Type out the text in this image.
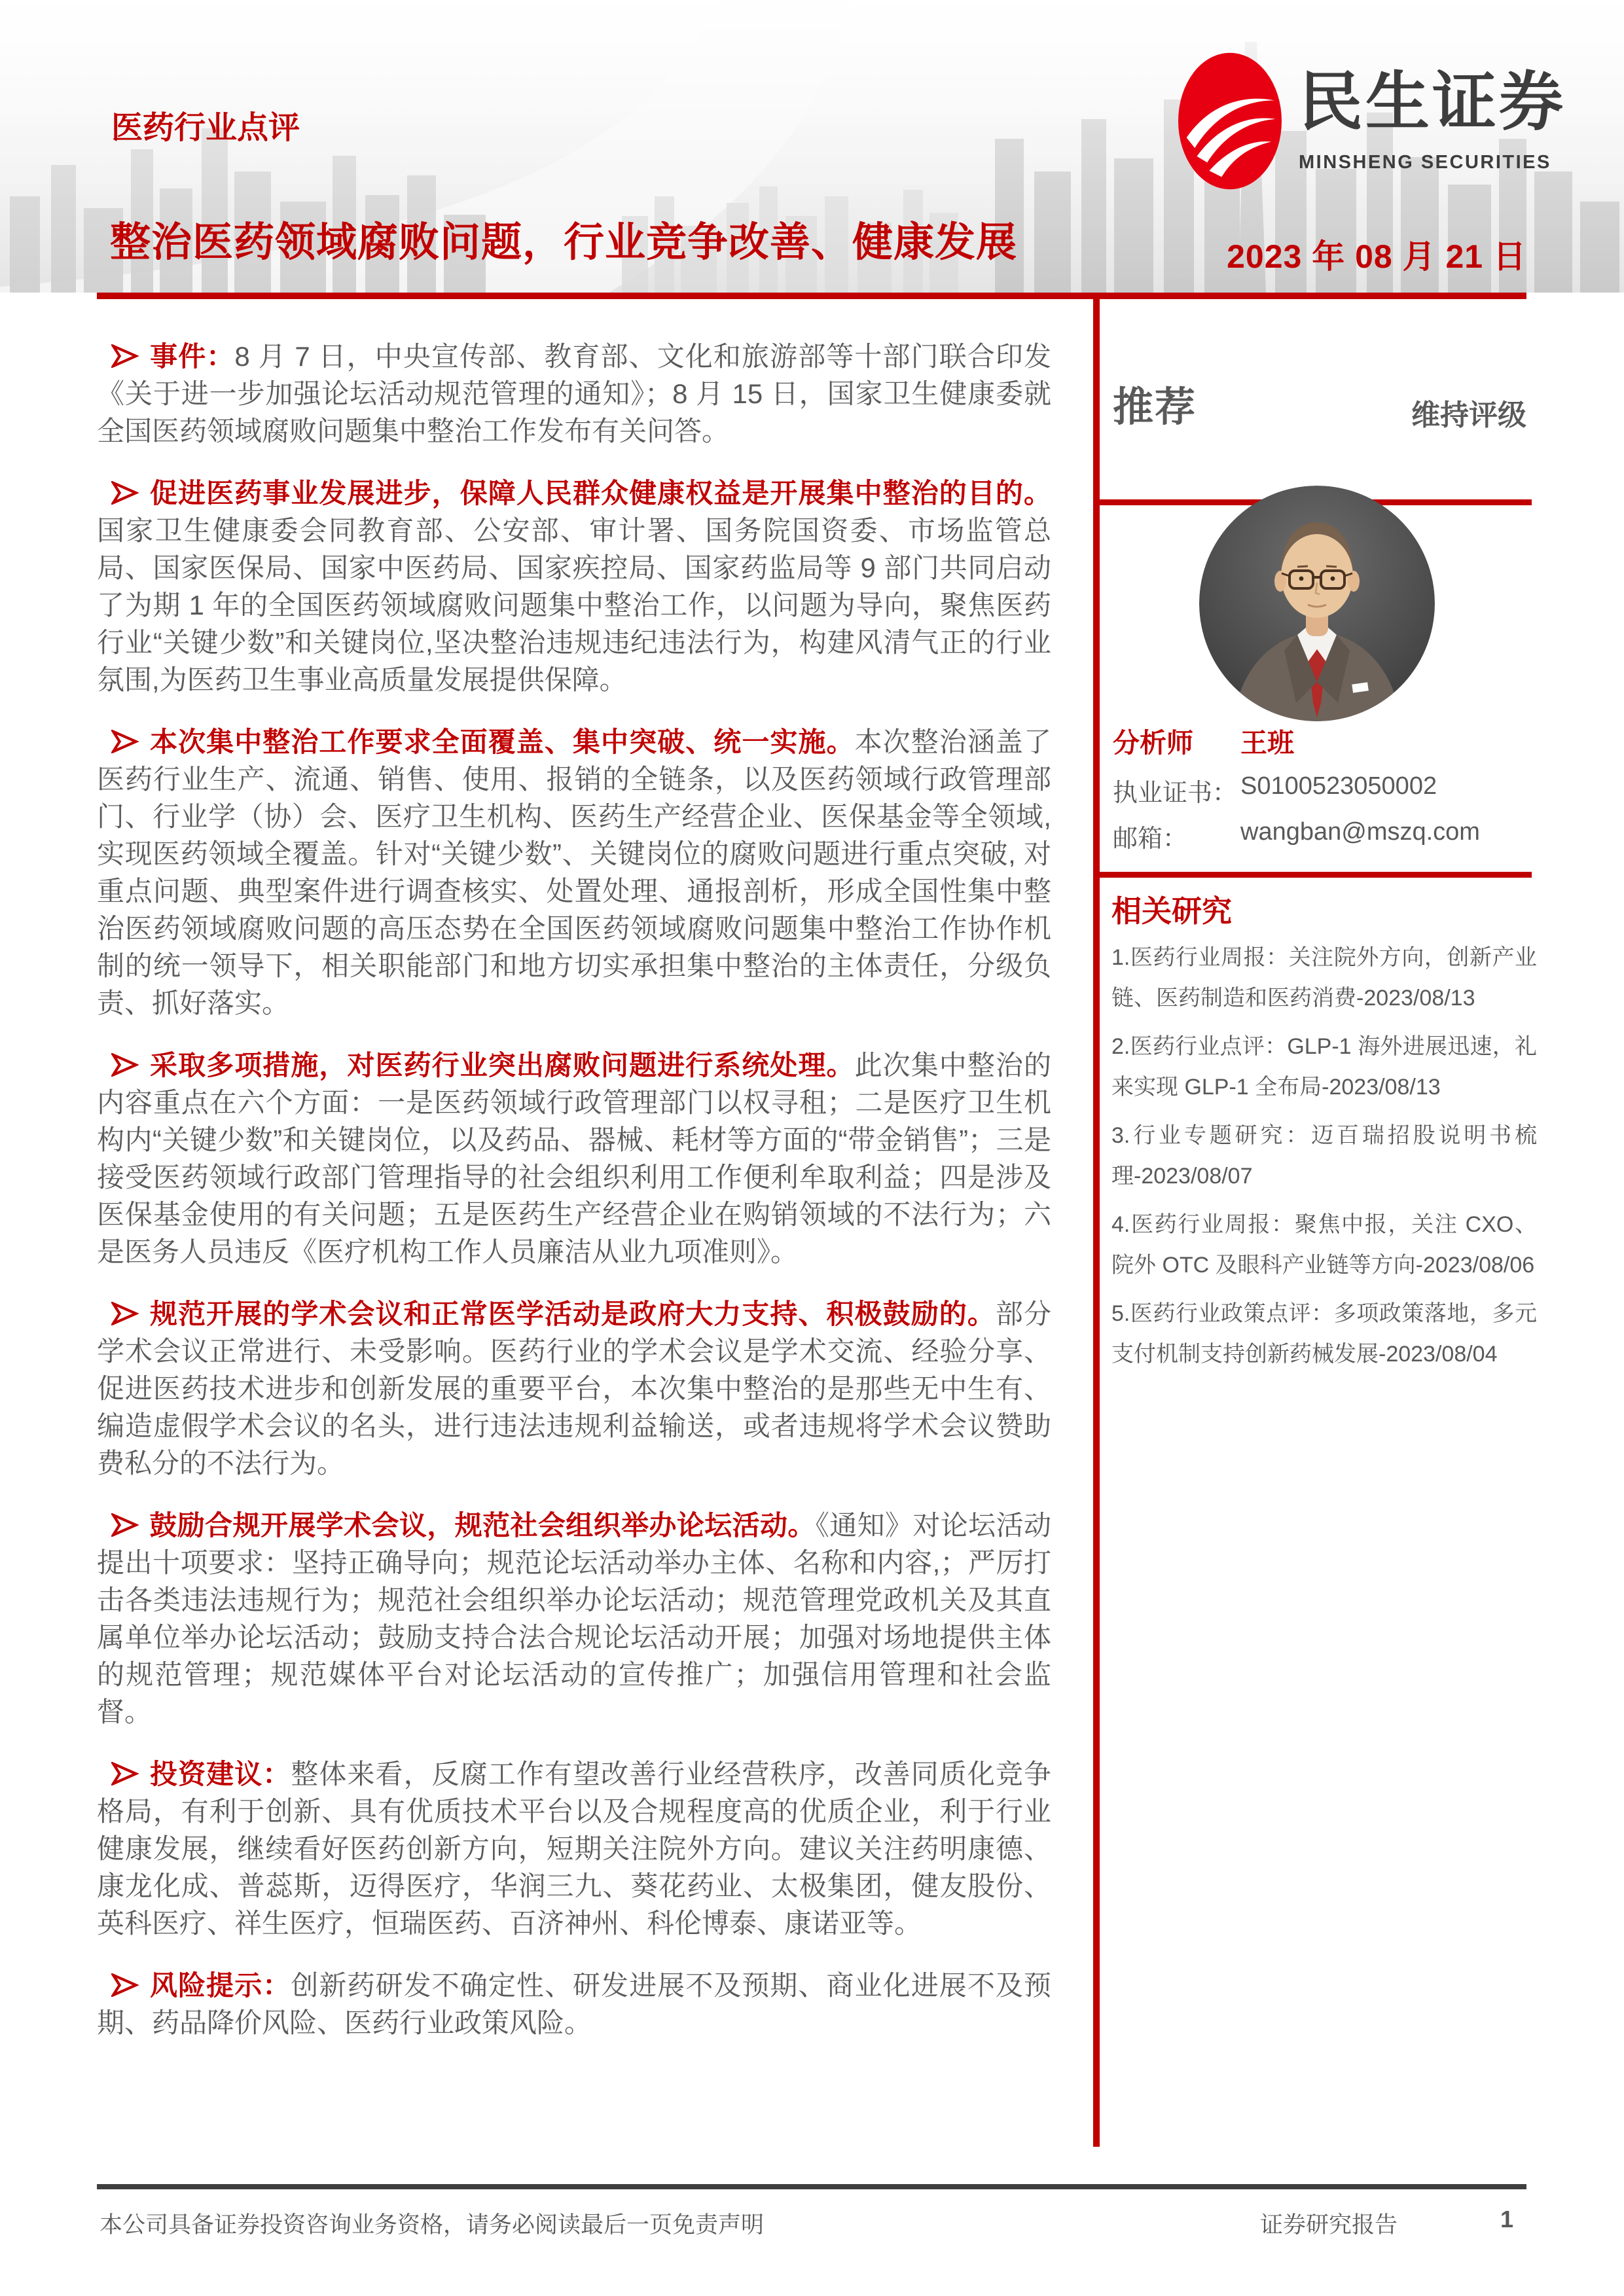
民生证券
MINSHENG SECURITIES
医药行业点评
整治医药领域腐败问题，行业竞争改善、健康发展	2023 年 08 月 21 日

事件：8 月 7 日，中央宣传部、教育部、文化和旅游部等十部门联合印发《关于进一步加强论坛活动规范管理的通知》；8 月 15 日，国家卫生健康委就全国医药领域腐败问题集中整治工作发布有关问答。

促进医药事业发展进步，保障人民群众健康权益是开展集中整治的目的。国家卫生健康委会同教育部、公安部、审计署、国务院国资委、市场监管总局、国家医保局、国家中医药局、国家疾控局、国家药监局等 9 部门共同启动了为期 1 年的全国医药领域腐败问题集中整治工作，以问题为导向，聚焦医药行业“关键少数”和关键岗位,坚决整治违规违纪违法行为，构建风清气正的行业氛围,为医药卫生事业高质量发展提供保障。

本次集中整治工作要求全面覆盖、集中突破、统一实施。本次整治涵盖了医药行业生产、流通、销售、使用、报销的全链条，以及医药领域行政管理部门、行业学（协）会、医疗卫生机构、医药生产经营企业、医保基金等全领域, 实现医药领域全覆盖。针对“关键少数”、关键岗位的腐败问题进行重点突破, 对重点问题、典型案件进行调查核实、处置处理、通报剖析，形成全国性集中整治医药领域腐败问题的高压态势在全国医药领域腐败问题集中整治工作协作机制的统一领导下，相关职能部门和地方切实承担集中整治的主体责任，分级负责、抓好落实。

采取多项措施，对医药行业突出腐败问题进行系统处理。此次集中整治的内容重点在六个方面：一是医药领域行政管理部门以权寻租；二是医疗卫生机构内“关键少数”和关键岗位，以及药品、器械、耗材等方面的“带金销售”；三是接受医药领域行政部门管理指导的社会组织利用工作便利牟取利益；四是涉及医保基金使用的有关问题；五是医药生产经营企业在购销领域的不法行为；六是医务人员违反《医疗机构工作人员廉洁从业九项准则》。

规范开展的学术会议和正常医学活动是政府大力支持、积极鼓励的。部分学术会议正常进行、未受影响。医药行业的学术会议是学术交流、经验分享、促进医药技术进步和创新发展的重要平台，本次集中整治的是那些无中生有、编造虚假学术会议的名头，进行违法违规利益输送，或者违规将学术会议赞助费私分的不法行为。

鼓励合规开展学术会议，规范社会组织举办论坛活动。《通知》对论坛活动提出十项要求：坚持正确导向；规范论坛活动举办主体、名称和内容,；严厉打击各类违法违规行为；规范社会组织举办论坛活动；规范管理党政机关及其直属单位举办论坛活动；鼓励支持合法合规论坛活动开展；加强对场地提供主体的规范管理；规范媒体平台对论坛活动的宣传推广；加强信用管理和社会监督。

投资建议：整体来看，反腐工作有望改善行业经营秩序，改善同质化竞争格局，有利于创新、具有优质技术平台以及合规程度高的优质企业，利于行业健康发展，继续看好医药创新方向，短期关注院外方向。建议关注药明康德、康龙化成、普蕊斯，迈得医疗，华润三九、葵花药业、太极集团，健友股份、英科医疗、祥生医疗，恒瑞医药、百济神州、科伦博泰、康诺亚等。

风险提示：创新药研发不确定性、研发进展不及预期、商业化进展不及预期、药品降价风险、医药行业政策风险。

推荐	维持评级
分析师 王班
执业证书： S0100523050002
邮箱： wangban@mszq.com
相关研究

1.医药行业周报：关注院外方向，创新产业链、医药制造和医药消费-2023/08/13

2.医药行业点评：GLP-1 海外进展迅速，礼来实现 GLP-1 全布局-2023/08/13

3.行业专题研究：迈百瑞招股说明书梳理-2023/08/07

4.医药行业周报：聚焦中报，关注 CXO、院外 OTC 及眼科产业链等方向-2023/08/06

5.医药行业政策点评：多项政策落地，多元支付机制支持创新药械发展-2023/08/04

本公司具备证券投资咨询业务资格，请务必阅读最后一页免责声明	证券研究报告	1
